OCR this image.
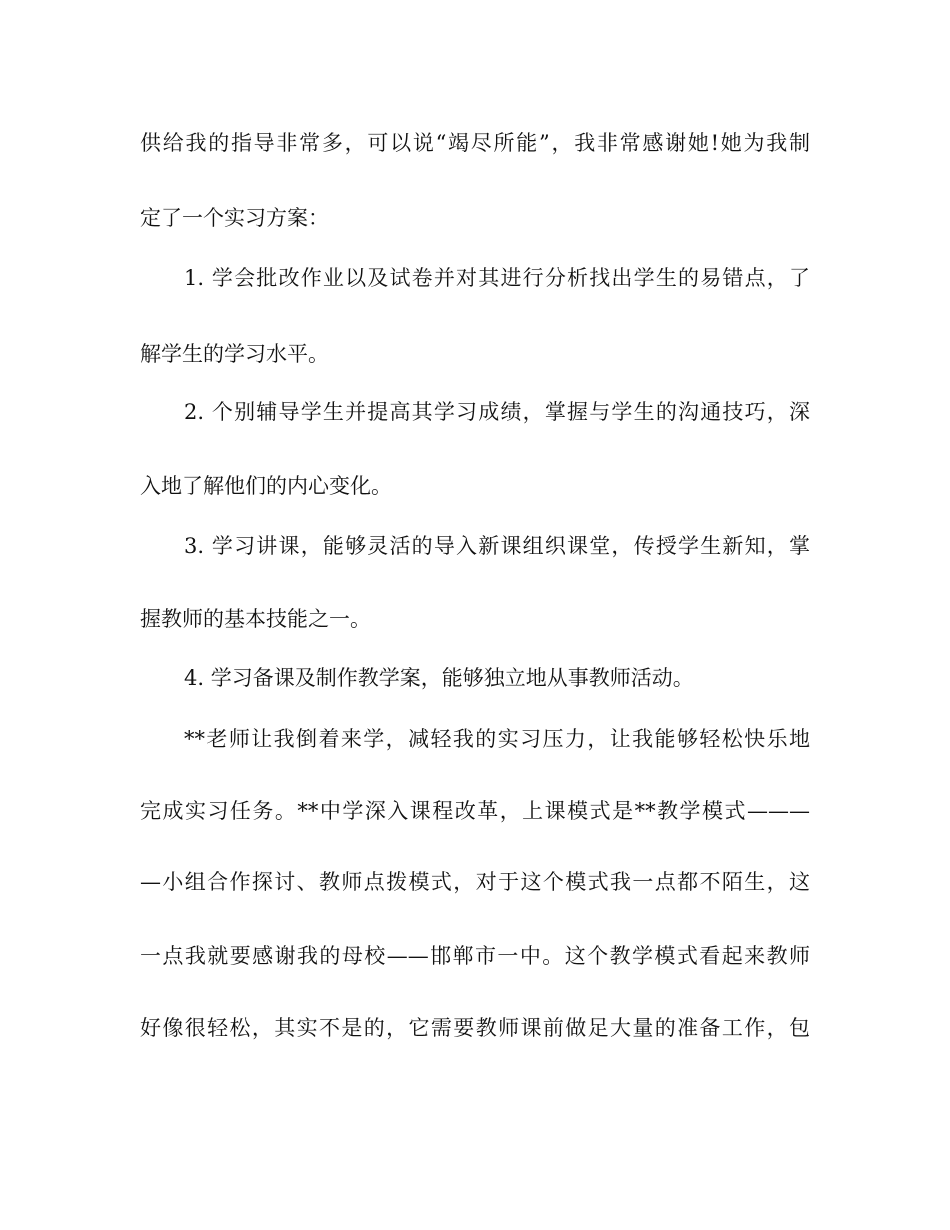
供给我的指导非常多，可以说“竭尽所能”，我非常感谢她!她为我制
定了一个实习方案：
1. 学会批改作业以及试卷并对其进行分析找出学生的易错点，了
解学生的学习水平。
2. 个别辅导学生并提高其学习成绩，掌握与学生的沟通技巧，深
入地了解他们的内心变化。
3. 学习讲课，能够灵活的导入新课组织课堂，传授学生新知，掌
握教师的基本技能之一。
4. 学习备课及制作教学案，能够独立地从事教师活动。
**老师让我倒着来学，减轻我的实习压力，让我能够轻松快乐地
完成实习任务。**中学深入课程改革，上课模式是**教学模式———
—小组合作探讨、教师点拨模式，对于这个模式我一点都不陌生，这
一点我就要感谢我的母校——邯郸市一中。这个教学模式看起来教师
好像很轻松，其实不是的，它需要教师课前做足大量的准备工作，包
